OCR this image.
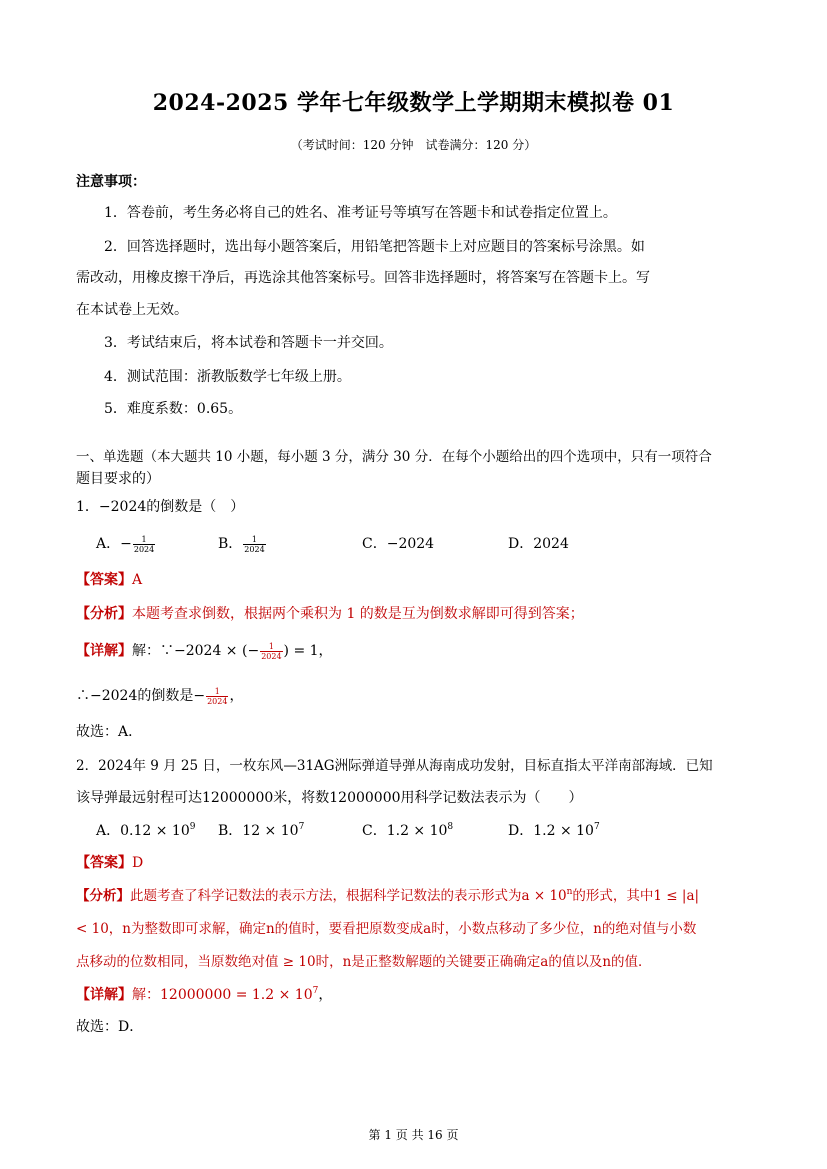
2024-2025 学年七年级数学上学期期末模拟卷 01
（考试时间：120 分钟　试卷满分：120 分）
注意事项：
1．答卷前，考生务必将自己的姓名、准考证号等填写在答题卡和试卷指定位置上。
2．回答选择题时，选出每小题答案后，用铅笔把答题卡上对应题目的答案标号涂黑。如
需改动，用橡皮擦干净后，再选涂其他答案标号。回答非选择题时，将答案写在答题卡上。写
在本试卷上无效。
3．考试结束后，将本试卷和答题卡一并交回。
4．测试范围：浙教版数学七年级上册。
5．难度系数：0.65。
一、单选题（本大题共 10 小题，每小题 3 分，满分 30 分．在每个小题给出的四个选项中，只有一项符合
题目要求的）
1．−2024的倒数是（　）
A．− $\frac{1}{2024}$	B． $\frac{1}{2024}$	C．−2024	D．2024
【答案】A
【分析】本题考查求倒数，根据两个乘积为 1 的数是互为倒数求解即可得到答案；
【详解】解：∵−2024 × (− $\frac{1}{2024}$ ) = 1，
∴−2024的倒数是− $\frac{1}{2024}$ ，
故选：A．
2．2024年 9 月 25 日，一枚东风—31AG洲际弹道导弹从海南成功发射，目标直指太平洋南部海域．已知
该导弹最远射程可达12000000米，将数12000000用科学记数法表示为（　　）
A．$0.12 \times 10^9$ B．$12 \times 10^7$	C．$1.2 \times 10^8$	D．$1.2 \times 10^7$
【答案】D
【分析】此题考查了科学记数法的表示方法，根据科学记数法的表示形式为$a \times 10^n$的形式，其中1 ≤ |a|
< 10，n为整数即可求解，确定n的值时，要看把原数变成a时，小数点移动了多少位，n的绝对值与小数
点移动的位数相同，当原数绝对值 ≥ 10时，n是正整数解题的关键要正确确定a的值以及n的值．
【详解】解：$12000000 = 1.2 \times 10^7$，
故选：D．
第 1 页 共 16 页
